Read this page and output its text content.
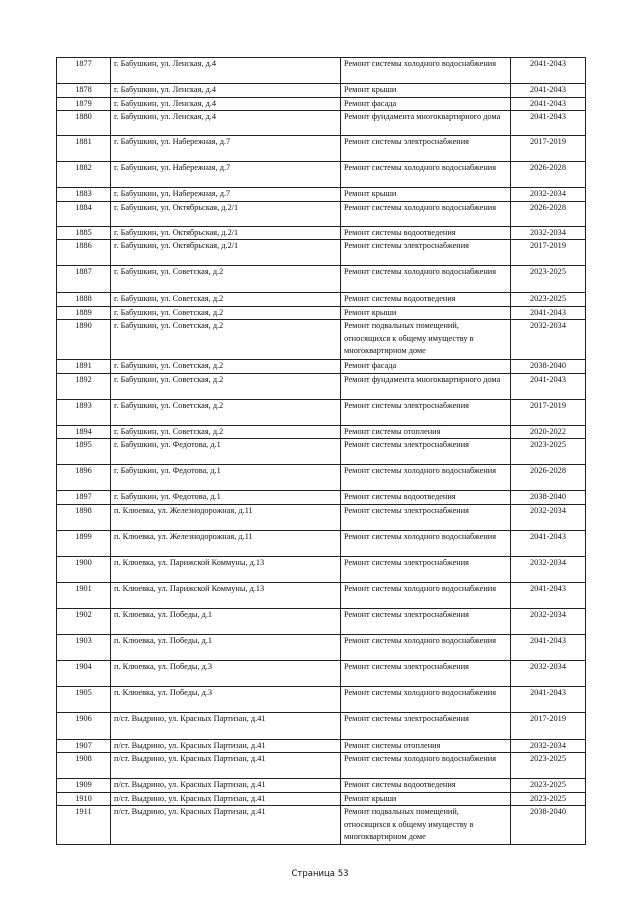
1877	г. Бабушкин, ул. Ленская, д.4	Ремонт системы холодного водоснабжения	2041-2043
1878	г. Бабушкин, ул. Ленская, д.4	Ремонт крыши	2041-2043
1879	г. Бабушкин, ул. Ленская, д.4	Ремонт фасада	2041-2043
1880	г. Бабушкин, ул. Ленская, д.4	Ремонт фундамента многоквартирного дома	2041-2043
1881	г. Бабушкин, ул. Набережная, д.7	Ремонт системы электроснабжения	2017-2019
1882	г. Бабушкин, ул. Набережная, д.7	Ремонт системы холодного водоснабжения	2026-2028
1883	г. Бабушкин, ул. Набережная, д.7	Ремонт крыши	2032-2034
1884	г. Бабушкин, ул. Октябрьская, д.2/1	Ремонт системы холодного водоснабжения	2026-2028
1885	г. Бабушкин, ул. Октябрьская, д.2/1	Ремонт системы водоотведения	2032-2034
1886	г. Бабушкин, ул. Октябрьская, д.2/1	Ремонт системы электроснабжения	2017-2019
1887	г. Бабушкин, ул. Советская, д.2	Ремонт системы холодного водоснабжения	2023-2025
1888	г. Бабушкин, ул. Советская, д.2	Ремонт системы водоотведения	2023-2025
1889	г. Бабушкин, ул. Советская, д.2	Ремонт крыши	2041-2043
1890	г. Бабушкин, ул. Советская, д.2	Ремонт подвальных помещений, относящихся к общему имуществу в многоквартирном доме	2032-2034
1891	г. Бабушкин, ул. Советская, д.2	Ремонт фасада	2038-2040
1892	г. Бабушкин, ул. Советская, д.2	Ремонт фундамента многоквартирного дома	2041-2043
1893	г. Бабушкин, ул. Советская, д.2	Ремонт системы электроснабжения	2017-2019
1894	г. Бабушкин, ул. Советская, д.2	Ремонт системы отопления	2020-2022
1895	г. Бабушкин, ул. Федотова, д.1	Ремонт системы электроснабжения	2023-2025
1896	г. Бабушкин, ул. Федотова, д.1	Ремонт системы холодного водоснабжения	2026-2028
1897	г. Бабушкин, ул. Федотова, д.1	Ремонт системы водоотведения	2038-2040
1898	п. Клюевка, ул. Железнодорожная, д.11	Ремонт системы электроснабжения	2032-2034
1899	п. Клюевка, ул. Железнодорожная, д.11	Ремонт системы холодного водоснабжения	2041-2043
1900	п. Клюевка, ул. Парижской Коммуны, д.13	Ремонт системы электроснабжения	2032-2034
1901	п. Клюевка, ул. Парижской Коммуны, д.13	Ремонт системы холодного водоснабжения	2041-2043
1902	п. Клюевка, ул. Победы, д.1	Ремонт системы электроснабжения	2032-2034
1903	п. Клюевка, ул. Победы, д.1	Ремонт системы холодного водоснабжения	2041-2043
1904	п. Клюевка, ул. Победы, д.3	Ремонт системы электроснабжения	2032-2034
1905	п. Клюевка, ул. Победы, д.3	Ремонт системы холодного водоснабжения	2041-2043
1906	п/ст. Выдрино, ул. Красных Партизан, д.41	Ремонт системы электроснабжения	2017-2019
1907	п/ст. Выдрино, ул. Красных Партизан, д.41	Ремонт системы отопления	2032-2034
1908	п/ст. Выдрино, ул. Красных Партизан, д.41	Ремонт системы холодного водоснабжения	2023-2025
1909	п/ст. Выдрино, ул. Красных Партизан, д.41	Ремонт системы водоотведения	2023-2025
1910	п/ст. Выдрино, ул. Красных Партизан, д.41	Ремонт крыши	2023-2025
1911	п/ст. Выдрино, ул. Красных Партизан, д.41	Ремонт подвальных помещений, относящихся к общему имуществу в многоквартирном доме	2038-2040
Страница 53
